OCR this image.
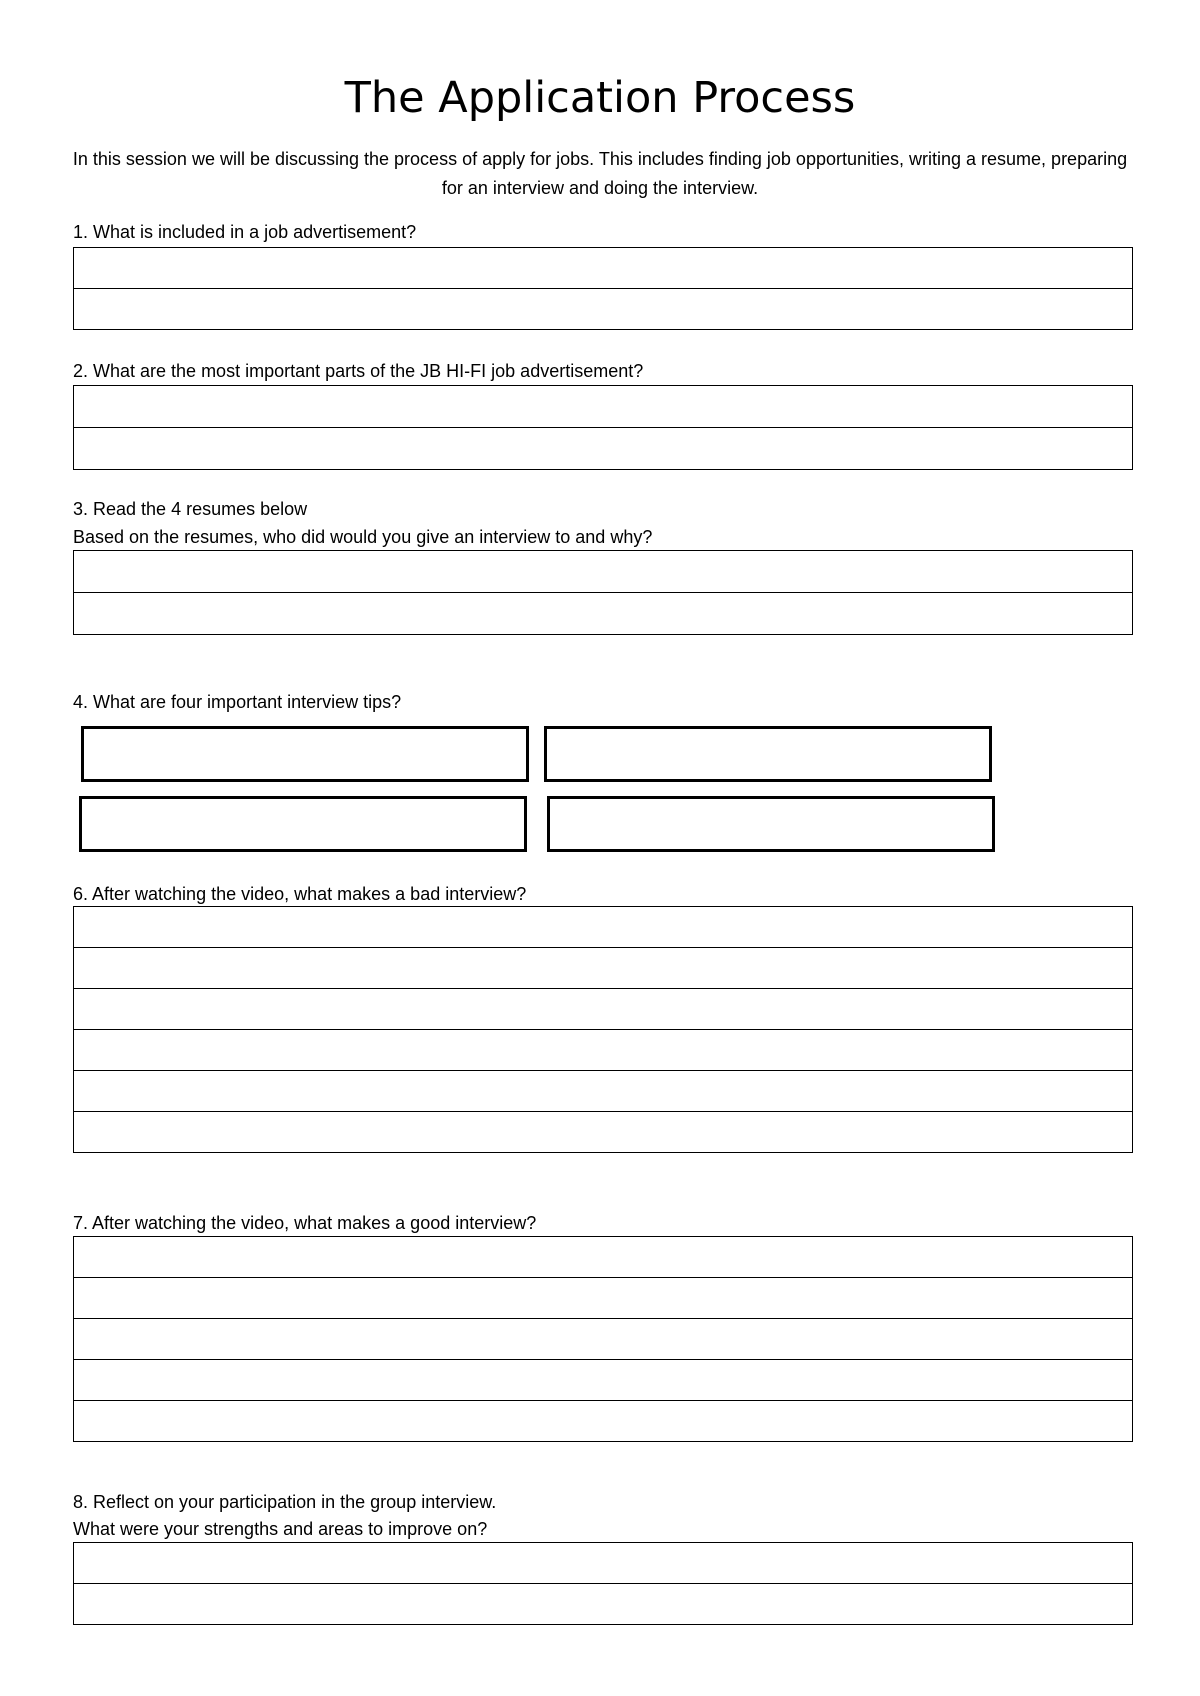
The Application Process
In this session we will be discussing the process of apply for jobs. This includes finding job opportunities, writing a resume, preparing for an interview and doing the interview.
1. What is included in a job advertisement?
2. What are the most important parts of the JB HI-FI job advertisement?
3. Read the 4 resumes below
Based on the resumes, who did would you give an interview to and why?
4. What are four important interview tips?
6. After watching the video, what makes a bad interview?
7. After watching the video, what makes a good interview?
8. Reflect on your participation in the group interview.
What were your strengths and areas to improve on?
